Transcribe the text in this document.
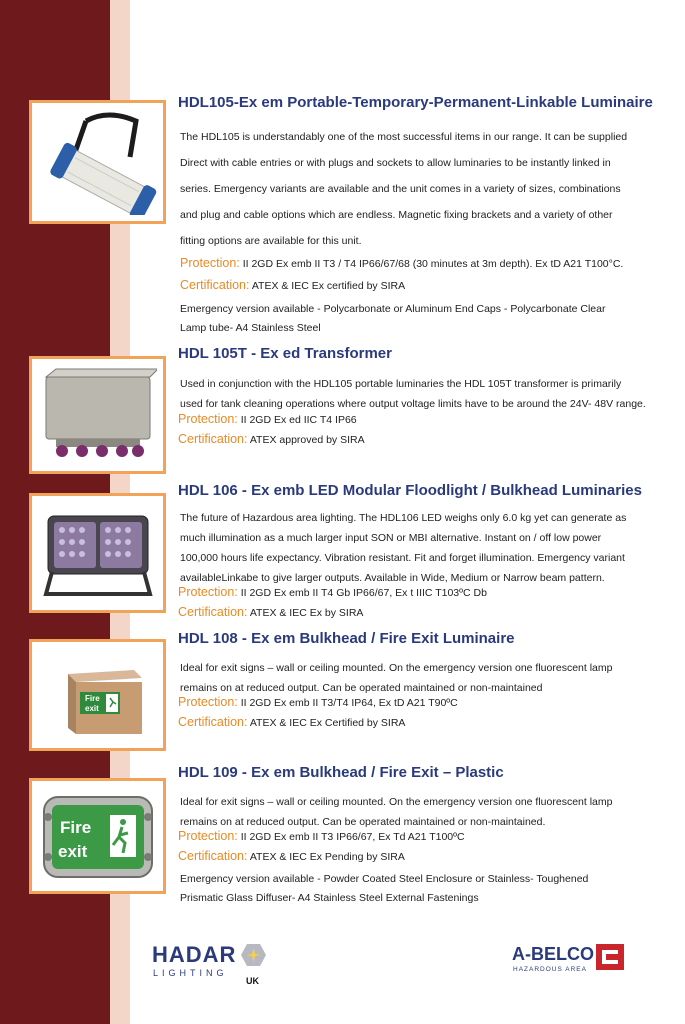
HDL105-Ex em Portable-Temporary-Permanent-Linkable Luminaire
The HDL105 is understandably one of the most successful items in our range. It can be supplied
Direct with cable entries or with plugs and sockets to allow luminaries to be instantly linked in
series. Emergency variants are available and the unit comes in a variety of sizes, combinations
and plug and cable options which are endless. Magnetic fixing brackets and a variety of other
fitting options are available for this unit.
Protection: II 2GD Ex emb II T3 / T4 IP66/67/68 (30 minutes at 3m depth). Ex tD A21 T100°C.
Certification: ATEX & IEC Ex certified by SIRA
Emergency version available - Polycarbonate or Aluminum End Caps - Polycarbonate Clear
Lamp tube- A4 Stainless Steel
HDL 105T - Ex ed Transformer
Used in conjunction with the HDL105 portable luminaries the HDL 105T transformer is primarily
used for tank cleaning operations where output voltage limits have to be around the 24V- 48V range.
Protection: II 2GD Ex ed IIC T4 IP66
Certification: ATEX approved by SIRA
HDL 106 - Ex emb LED Modular Floodlight / Bulkhead Luminaries
The future of Hazardous area lighting. The HDL106 LED weighs only 6.0 kg yet can generate as
much illumination as a much larger input SON or MBI alternative. Instant on / off low power
100,000 hours life expectancy. Vibration resistant. Fit and forget illumination. Emergency variant
availableLinkabe to give larger outputs. Available in Wide, Medium or Narrow beam pattern.
Protection: II 2GD Ex emb II T4 Gb IP66/67, Ex t IIIC T103ºC Db
Certification: ATEX & IEC Ex by SIRA
Fire
exit
HDL 108 - Ex em Bulkhead / Fire Exit Luminaire
Ideal for exit signs – wall or ceiling mounted. On the emergency version one fluorescent lamp
remains on at reduced output. Can be operated maintained or non-maintained
Protection: II 2GD Ex emb II T3/T4 IP64, Ex tD A21 T90ºC
Certification: ATEX & IEC Ex Certified by SIRA
Fire
exit
HDL 109 - Ex em Bulkhead / Fire Exit – Plastic
Ideal for exit signs – wall or ceiling mounted. On the emergency version one fluorescent lamp
remains on at reduced output. Can be operated maintained or non-maintained.
Protection: II 2GD Ex emb II T3 IP66/67, Ex Td A21 T100ºC
Certification: ATEX & IEC Ex Pending by SIRA
Emergency version available - Powder Coated Steel Enclosure or Stainless- Toughened
Prismatic Glass Diffuser- A4 Stainless Steel External Fastenings
HADAR
LIGHTING
UK
A-BELCO
HAZARDOUS AREA
